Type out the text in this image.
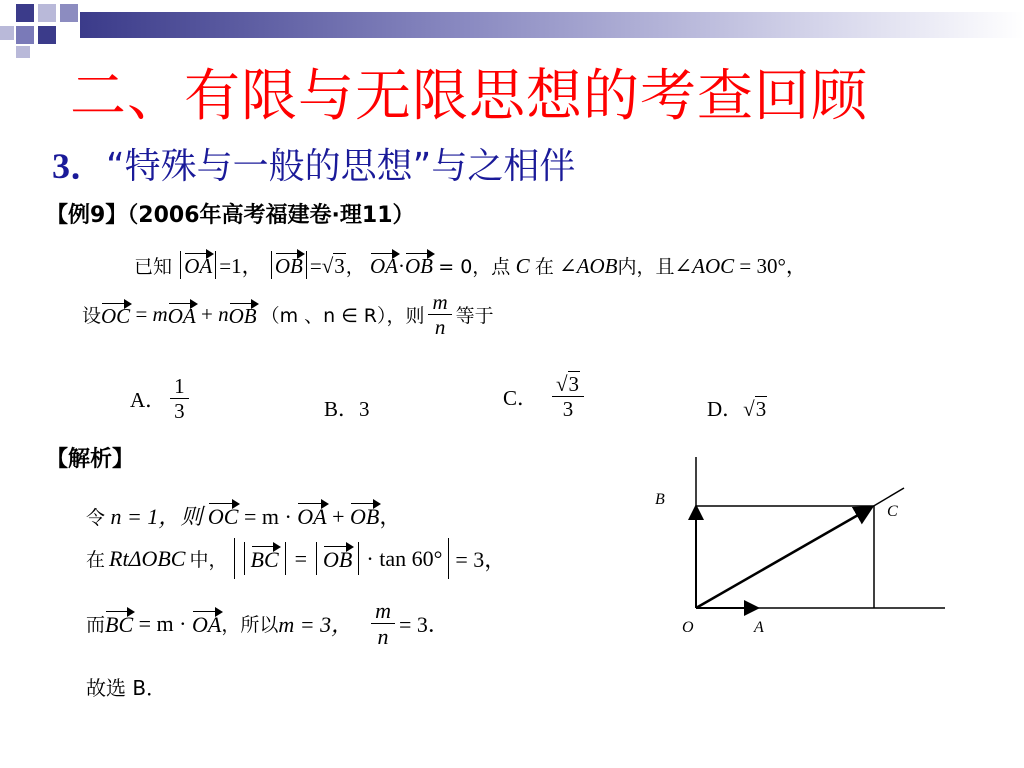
二、有限与无限思想的考查回顾
3．“特殊与一般的思想”与之相伴
【例9】（2006年高考福建卷·理11）
已知 OA =1， OB =√3， OA·OB = 0，点 C 在 ∠AOB内，且∠AOC = 30°，
设 OC
=
m OA
+
n OB （m 、n ∈ R），则 $\frac{m}{n}$ 等于
A． $\frac{1}{3}$	B．3	C． $\frac{√3}{3}$	D．√3
【解析】
令 n = 1，则 OC = m · OA + OB，
在 RtΔOBC 中，	BC = OB · tan 60° = 3，
而 BC
= m ·
OA ，所以 m = 3， $\frac{m}{n} = 3$．
故选 B．
B
C
O	A
